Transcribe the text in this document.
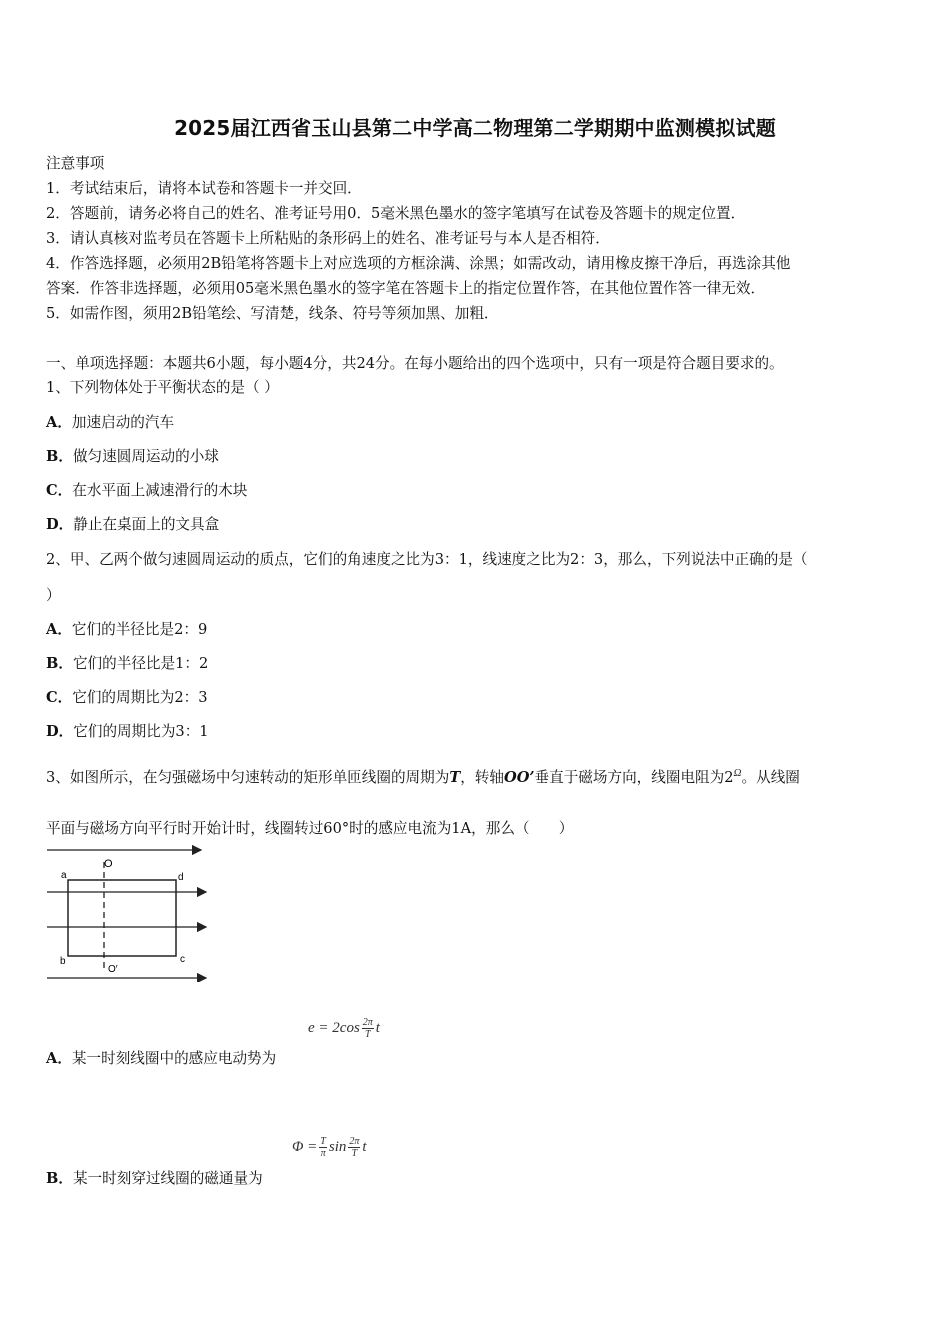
2025届江西省玉山县第二中学高二物理第二学期期中监测模拟试题
注意事项
1．考试结束后，请将本试卷和答题卡一并交回．
2．答题前，请务必将自己的姓名、准考证号用0．5毫米黑色墨水的签字笔填写在试卷及答题卡的规定位置．
3．请认真核对监考员在答题卡上所粘贴的条形码上的姓名、准考证号与本人是否相符．
4．作答选择题，必须用2B铅笔将答题卡上对应选项的方框涂满、涂黑；如需改动，请用橡皮擦干净后，再选涂其他
答案．作答非选择题，必须用05毫米黑色墨水的签字笔在答题卡上的指定位置作答，在其他位置作答一律无效．
5．如需作图，须用2B铅笔绘、写清楚，线条、符号等须加黑、加粗．
一、单项选择题：本题共6小题，每小题4分，共24分。在每小题给出的四个选项中，只有一项是符合题目要求的。
1、下列物体处于平衡状态的是（ ）
A．加速启动的汽车
B．做匀速圆周运动的小球
C．在水平面上减速滑行的木块
D．静止在桌面上的文具盒
2、甲、乙两个做匀速圆周运动的质点，它们的角速度之比为3：1，线速度之比为2：3，那么，下列说法中正确的是（
）
A．它们的半径比是2：9
B．它们的半径比是1：2
C．它们的周期比为2：3
D．它们的周期比为3：1
3、如图所示，在匀强磁场中匀速转动的矩形单匝线圈的周期为T，转轴OO’垂直于磁场方向，线圈电阻为$2^\Omega$。从线圈
平面与磁场方向平行时开始计时，线圈转过60°时的感应电流为1A，那么（　　）
a	d
b	c
O
O′
$e = 2\cos \frac{2\pi}{T}$ t
A．某一时刻线圈中的感应电动势为
$\Phi = \frac{T}{\pi}$ $\sin \frac{2\pi}{T}$ t
B．某一时刻穿过线圈的磁通量为
